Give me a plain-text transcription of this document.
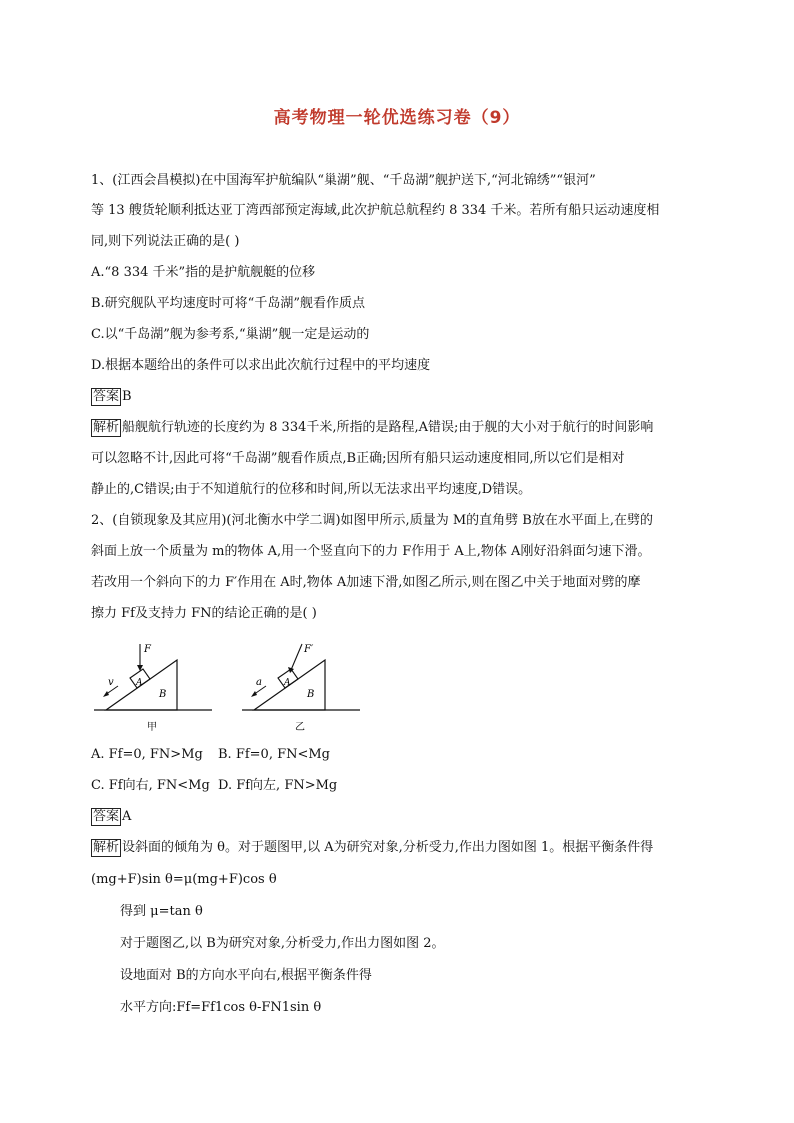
高考物理一轮优选练习卷（9）
1、(江西会昌模拟)在中国海军护航编队“巢湖”舰、“千岛湖”舰护送下,“河北锦绣”“银河”
等 13 艘货轮顺利抵达亚丁湾西部预定海域,此次护航总航程约 8 334 千米。若所有船只运动速度相
同,则下列说法正确的是( )
A.“8 334 千米”指的是护航舰艇的位移
B.研究舰队平均速度时可将“千岛湖”舰看作质点
C.以“千岛湖”舰为参考系,“巢湖”舰一定是运动的
D.根据本题给出的条件可以求出此次航行过程中的平均速度
答案 B
解析 船舰航行轨迹的长度约为 8 334千米,所指的是路程,A错误;由于舰的大小对于航行的时间影响
可以忽略不计,因此可将“千岛湖”舰看作质点,B正确;因所有船只运动速度相同,所以它们是相对
静止的,C错误;由于不知道航行的位移和时间,所以无法求出平均速度,D错误。
2、(自锁现象及其应用)(河北衡水中学二调)如图甲所示,质量为 M的直角劈 B放在水平面上,在劈的
斜面上放一个质量为 m的物体 A,用一个竖直向下的力 F作用于 A上,物体 A刚好沿斜面匀速下滑。
若改用一个斜向下的力 F′作用在 A时,物体 A加速下滑,如图乙所示,则在图乙中关于地面对劈的摩
擦力 Ff及支持力 FN的结论正确的是( )
F
v A
B
甲
F′
a A
B
乙
A. Ff=0, FN>Mg B. Ff=0, FN<Mg
C. Ff向右, FN<Mg D. Ff向左, FN>Mg
答案 A
解析 设斜面的倾角为 θ。对于题图甲,以 A为研究对象,分析受力,作出力图如图 1。根据平衡条件得
(mg+F)sin θ=μ(mg+F)cos θ
得到 μ=tan θ
对于题图乙,以 B为研究对象,分析受力,作出力图如图 2。
设地面对 B的方向水平向右,根据平衡条件得
水平方向:Ff=Ff1cos θ-FN1sin θ
